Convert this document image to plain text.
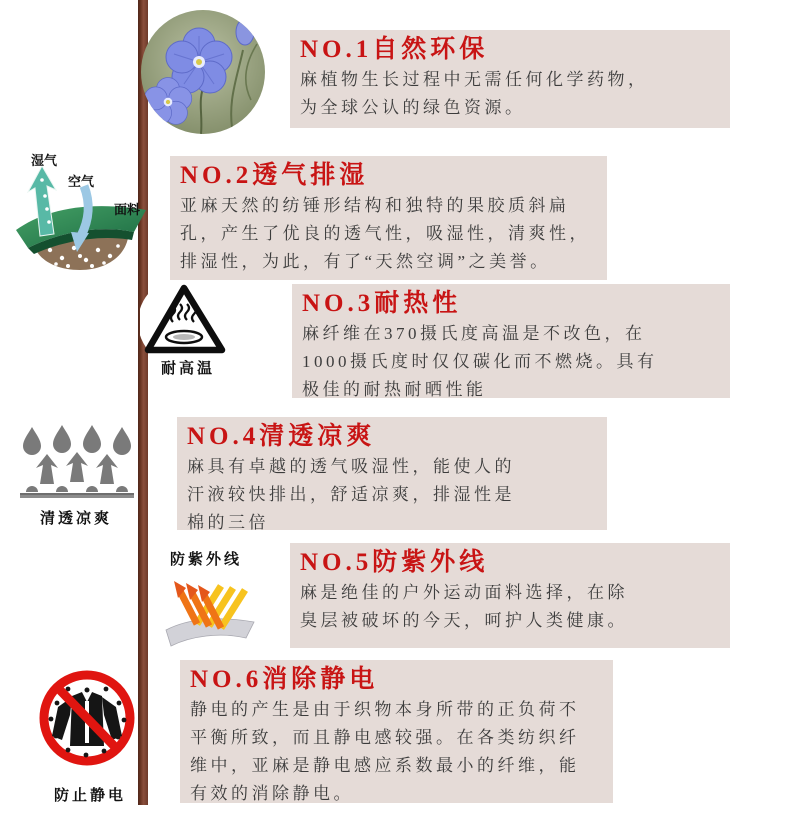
湿气
空气
面料
耐高温
清透凉爽
防紫外线
防止静电
NO.1自然环保
麻植物生长过程中无需任何化学药物，
为全球公认的绿色资源。
NO.2透气排湿
亚麻天然的纺锤形结构和独特的果胶质斜扁
孔，产生了优良的透气性，吸湿性，清爽性，
排湿性，为此，有了“天然空调”之美誉。
NO.3耐热性
麻纤维在370摄氏度高温是不改色，在
1000摄氏度时仅仅碳化而不燃烧。具有
极佳的耐热耐晒性能
NO.4清透凉爽
麻具有卓越的透气吸湿性，能使人的
汗液较快排出，舒适凉爽，排湿性是
棉的三倍
NO.5防紫外线
麻是绝佳的户外运动面料选择，在除
臭层被破坏的今天，呵护人类健康。
NO.6消除静电
静电的产生是由于织物本身所带的正负荷不
平衡所致，而且静电感较强。在各类纺织纤
维中，亚麻是静电感应系数最小的纤维，能
有效的消除静电。
